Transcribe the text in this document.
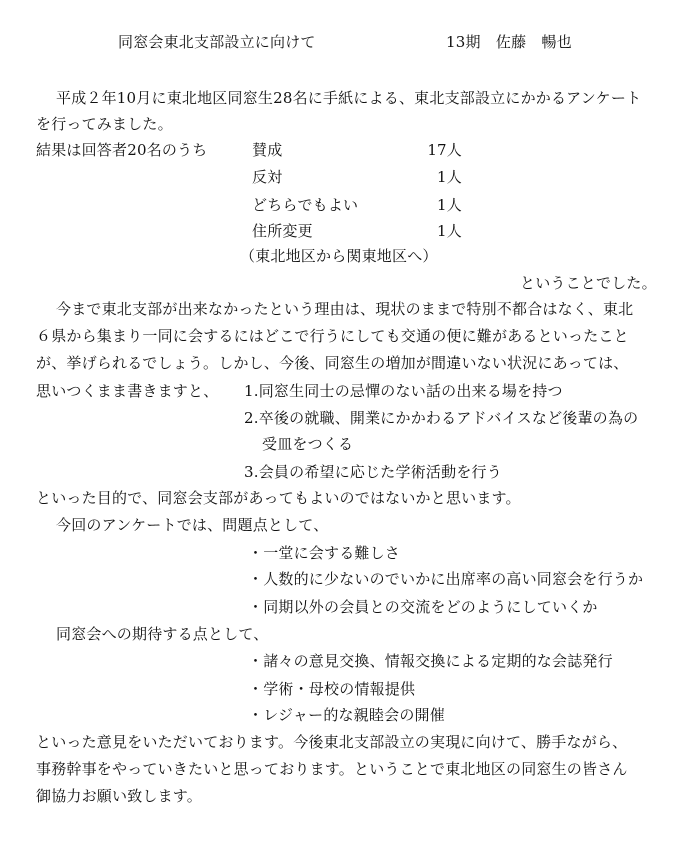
同窓会東北支部設立に向けて	13期　佐藤　暢也
平成２年10月に東北地区同窓生28名に手紙による、東北支部設立にかかるアンケート
を行ってみました。
結果は回答者20名のうち	賛成	17人
反対	1人
どちらでもよい	1人
住所変更	1人
（東北地区から関東地区へ）
ということでした。
今まで東北支部が出来なかったという理由は、現状のままで特別不都合はなく、東北
６県から集まり一同に会するにはどこで行うにしても交通の便に難があるといったこと
が、挙げられるでしょう。しかし、今後、同窓生の増加が間違いない状況にあっては、
思いつくまま書きますと、 1.同窓生同士の忌憚のない話の出来る場を持つ
2.卒後の就職、開業にかかわるアドバイスなど後輩の為の
受皿をつくる
3.会員の希望に応じた学術活動を行う
といった目的で、同窓会支部があってもよいのではないかと思います。
今回のアンケートでは、問題点として、
・一堂に会する難しさ
・人数的に少ないのでいかに出席率の高い同窓会を行うか
・同期以外の会員との交流をどのようにしていくか
同窓会への期待する点として、
・諸々の意見交換、情報交換による定期的な会誌発行
・学術・母校の情報提供
・レジャー的な親睦会の開催
といった意見をいただいております。今後東北支部設立の実現に向けて、勝手ながら、
事務幹事をやっていきたいと思っております。ということで東北地区の同窓生の皆さん
御協力お願い致します。
